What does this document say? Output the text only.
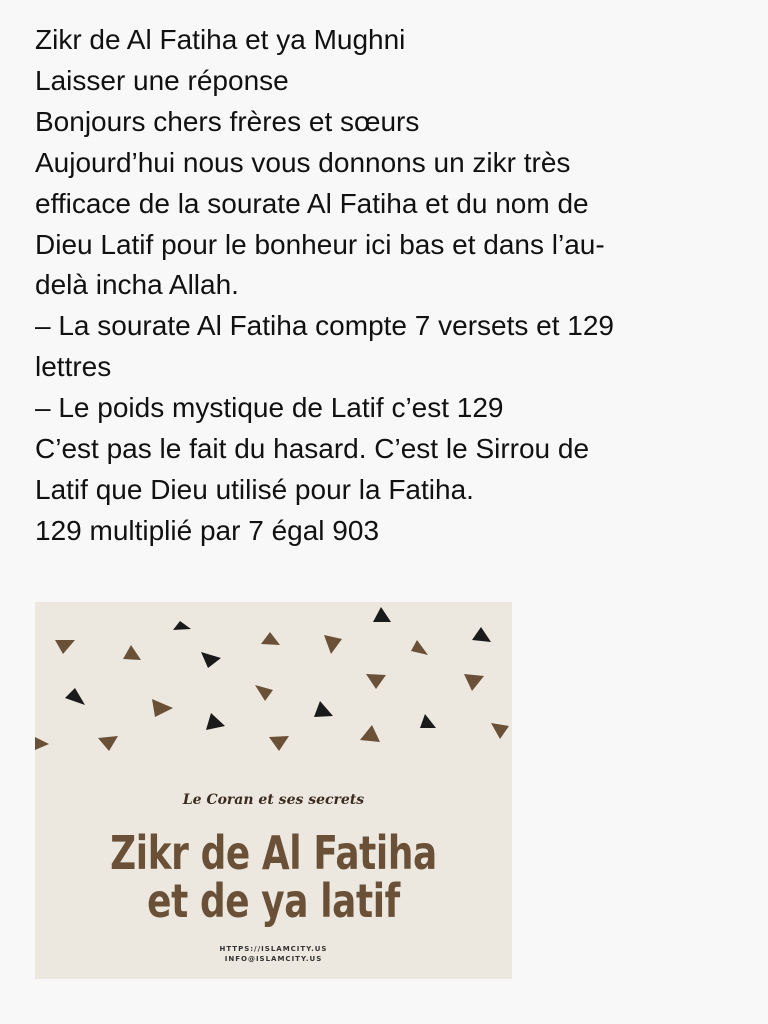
Zikr de Al Fatiha et ya Mughni
Laisser une réponse
Bonjours chers frères et sœurs
Aujourd’hui nous vous donnons un zikr très
efficace de la sourate Al Fatiha et du nom de
Dieu Latif pour le bonheur ici bas et dans l’au-
delà incha Allah.
– La sourate Al Fatiha compte 7 versets et 129
lettres
– Le poids mystique de Latif c’est 129
C’est pas le fait du hasard. C’est le Sirrou de
Latif que Dieu utilisé pour la Fatiha.
129 multiplié par 7 égal 903
Le Coran et ses secrets
Zikr de Al Fatiha
et de ya latif
HTTPS://ISLAMCITY.US
INFO@ISLAMCITY.US
